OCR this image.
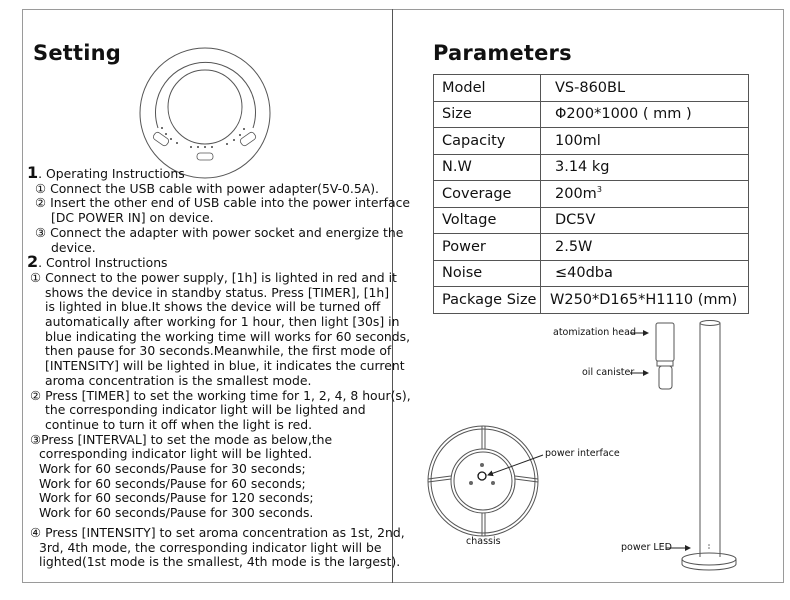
Setting
1. Operating Instructions
① Connect the USB cable with power adapter(5V-0.5A).
② Insert the other end of USB cable into the power interface
[DC POWER IN] on device.
③ Connect the adapter with power socket and energize the
device.
2. Control Instructions
① Connect to the power supply, [1h] is lighted in red and it
shows the device in standby status. Press [TIMER], [1h]
is lighted in blue.It shows the device will be turned off
automatically after working for 1 hour, then light [30s] in
blue indicating the working time will works for 60 seconds,
then pause for 30 seconds.Meanwhile, the first mode of
[INTENSITY] will be lighted in blue, it indicates the current
aroma concentration is the smallest mode.
② Press [TIMER] to set the working time for 1, 2, 4, 8 hour(s),
the corresponding indicator light will be lighted and
continue to turn it off when the light is red.
③Press [INTERVAL] to set the mode as below,the
corresponding indicator light will be lighted.
Work for 60 seconds/Pause for 30 seconds;
Work for 60 seconds/Pause for 60 seconds;
Work for 60 seconds/Pause for 120 seconds;
Work for 60 seconds/Pause for 300 seconds.
④ Press [INTENSITY] to set aroma concentration as 1st, 2nd,
3rd, 4th mode, the corresponding indicator light will be
lighted(1st mode is the smallest, 4th mode is the largest).
Parameters
Model	VS-860BL
Size	Φ200*1000 ( mm )
Capacity	100ml
N.W	3.14 kg
Coverage	$200m^3$
Voltage	DC5V
Power	2.5W
Noise	≤40dba
Package Size	W250*D165*H1110 (mm)
atomization head
oil canister
power interface
chassis
power LED
